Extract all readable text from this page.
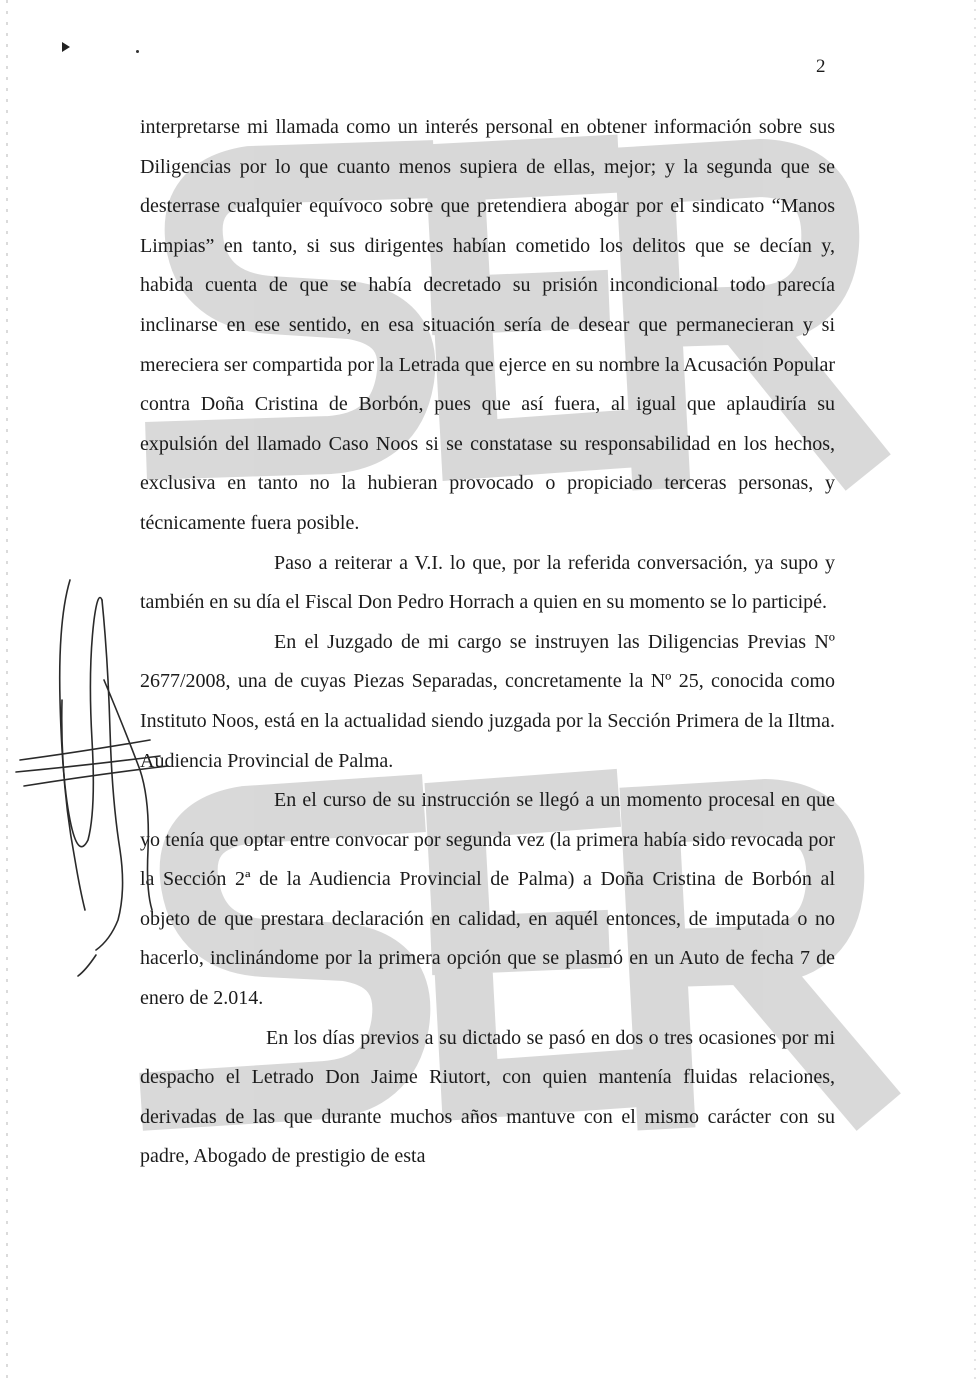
2

interpretarse mi llamada como un interés personal en obtener información sobre sus Diligencias por lo que cuanto menos supiera de ellas, mejor; y la segunda que se desterrase cualquier equívoco sobre que pretendiera abogar por el sindicato “Manos Limpias” en tanto, si sus dirigentes habían cometido los delitos que se decían y, habida cuenta de que se había decretado su prisión incondicional todo parecía inclinarse en ese sentido, en esa situación sería de desear que permanecieran y si mereciera ser compartida por la Letrada que ejerce en su nombre la Acusación Popular contra Doña Cristina de Borbón, pues que así fuera, al igual que aplaudiría su expulsión del llamado Caso Noos si se constatase su responsabilidad en los hechos, exclusiva en tanto no la hubieran provocado o propiciado terceras personas, y técnicamente fuera posible.

Paso a reiterar a V.I. lo que, por la referida conversación, ya supo y también en su día el Fiscal Don Pedro Horrach a quien en su momento se lo participé.

En el Juzgado de mi cargo se instruyen las Diligencias Previas Nº 2677/2008, una de cuyas Piezas Separadas, concretamente la Nº 25, conocida como Instituto Noos, está en la actualidad siendo juzgada por la Sección Primera de la Iltma. Audiencia Provincial de Palma.

En el curso de su instrucción se llegó a un momento procesal en que yo tenía que optar entre convocar por segunda vez (la primera había sido revocada por la Sección 2ª de la Audiencia Provincial de Palma) a Doña Cristina de Borbón al objeto de que prestara declaración en calidad, en aquél entonces, de imputada o no hacerlo, inclinándome por la primera opción que se plasmó en un Auto de fecha 7 de enero de 2.014.

En los días previos a su dictado se pasó en dos o tres ocasiones por mi despacho el Letrado Don Jaime Riutort, con quien mantenía fluidas relaciones, derivadas de las que durante muchos años mantuve con el mismo carácter con su padre, Abogado de prestigio de esta
